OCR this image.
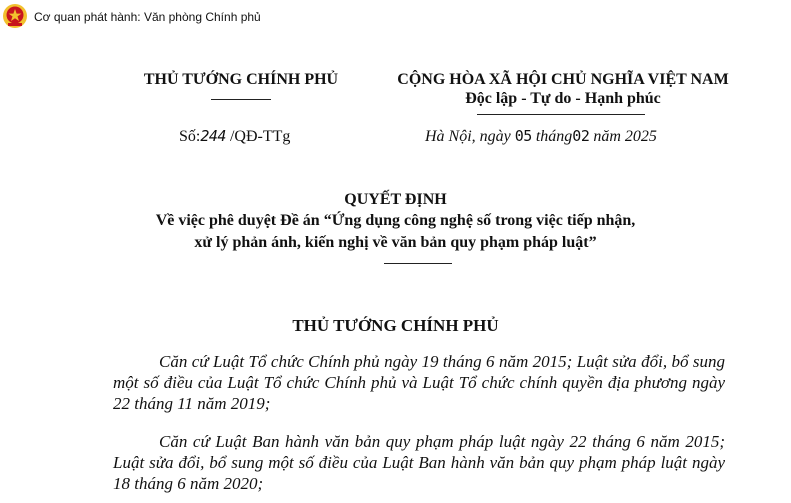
Cơ quan phát hành: Văn phòng Chính phủ
THỦ TƯỚNG CHÍNH PHỦ
Số:244 /QĐ-TTg
CỘNG HÒA XÃ HỘI CHỦ NGHĨA VIỆT NAM
Độc lập - Tự do - Hạnh phúc
Hà Nội, ngày 05 tháng02 năm 2025
QUYẾT ĐỊNH
Về việc phê duyệt Đề án “Ứng dụng công nghệ số trong việc tiếp nhận,
xử lý phản ánh, kiến nghị về văn bản quy phạm pháp luật”
THỦ TƯỚNG CHÍNH PHỦ
Căn cứ Luật Tổ chức Chính phủ ngày 19 tháng 6 năm 2015; Luật sửa đổi, bổ sung một số điều của Luật Tổ chức Chính phủ và Luật Tổ chức chính quyền địa phương ngày 22 tháng 11 năm 2019;
Căn cứ Luật Ban hành văn bản quy phạm pháp luật ngày 22 tháng 6 năm 2015; Luật sửa đổi, bổ sung một số điều của Luật Ban hành văn bản quy phạm pháp luật ngày 18 tháng 6 năm 2020;
